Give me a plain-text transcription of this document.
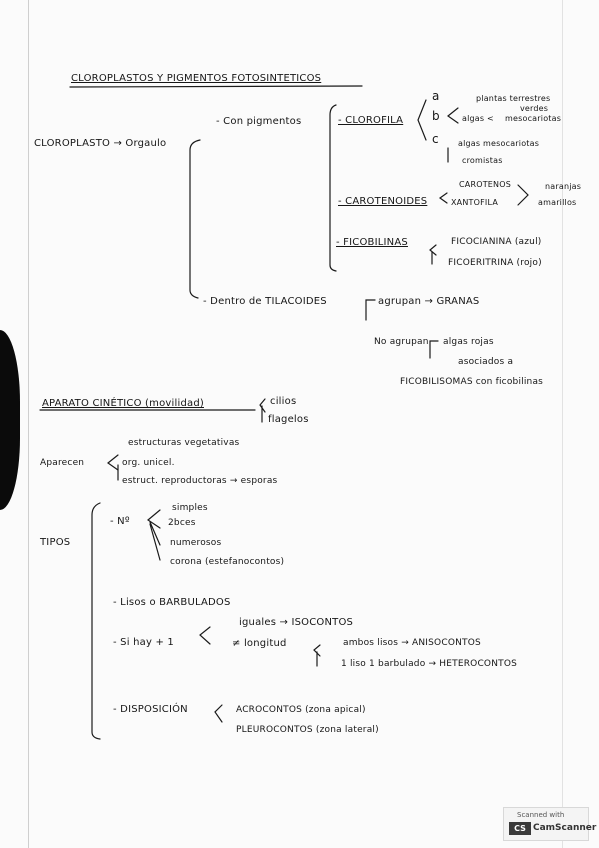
CLOROPLASTOS Y PIGMENTOS FOTOSINTETICOS
CLOROPLASTO → Orgaulo
- Con pigmentos	- CLOROFILA
a
b
c
plantas terrestres
verdes
algas < mesocariotas
algas mesocariotas
cromistas
- CAROTENOIDES
CAROTENOS
XANTOFILA
naranjas
amarillos
- FICOBILINAS	FICOCIANINA (azul)
FICOERITRINA (rojo)
- Dentro de TILACOIDES	agrupan → GRANAS
No agrupan algas rojas
asociados a
FICOBILISOMAS con ficobilinas
APARATO CINÉTICO (movilidad)	cilios
flagelos
Aparecen
estructuras vegetativas
org. unicel.
estruct. reproductoras → esporas
TIPOS
- Nº
simples
2bces
numerosos
corona (estefanocontos)
- Lisos o BARBULADOS
- Si hay + 1
iguales → ISOCONTOS
≠ longitud	ambos lisos → ANISOCONTOS
1 liso 1 barbulado → HETEROCONTOS
- DISPOSICIÓN	ACROCONTOS (zona apical)
PLEUROCONTOS (zona lateral)
Scanned with
CS CamScanner
